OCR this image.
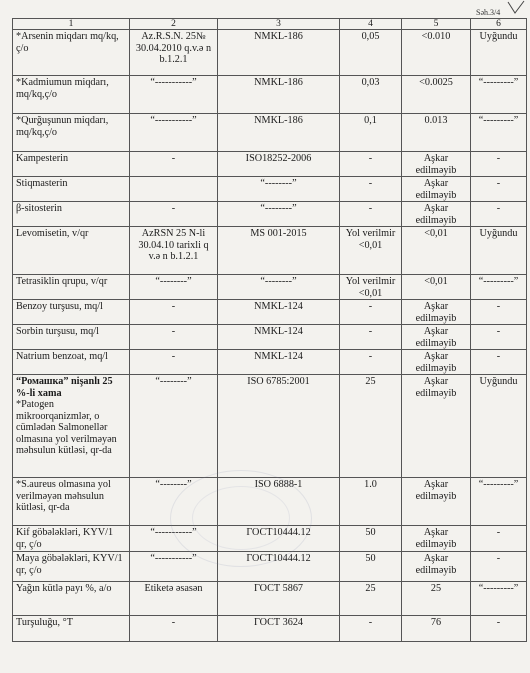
Səh.3/4
1	2	3	4	5	6
*Arsenin miqdarı mq/kq, ç/o	Az.R.S.N. 25№ 30.04.2010 q.v.ə n b.1.2.1	NMKL-186	0,05	<0.010	Uyğundu
*Kadmiumun miqdarı, mq/kq,ç/o	“-----------”	NMKL-186	0,03	<0.0025	“---------”
*Qurğuşunun miqdarı, mq/kq,ç/o	“-----------”	NMKL-186	0,1	0.013	“---------”
Kampesterin	-	ISO18252-2006	-	Aşkar edilməyib	-
Stiqmasterin		“--------”	-	Aşkar edilməyib	-
β-sitosterin	-	“--------”	-	Aşkar edilməyib	-
Levomisetin, v/qr	AzRSN 25 N-li 30.04.10 tarixli q v.ə n b.1.2.1	MS 001-2015	Yol verilmir <0,01	<0,01	Uyğundu
Tetrasiklin qrupu, v/qr	“--------”	“--------”	Yol verilmir <0,01	<0,01	“---------”
Benzoy turşusu, mq/l	-	NMKL-124	-	Aşkar edilməyib	-
Sorbin turşusu, mq/l	-	NMKL-124	-	Aşkar edilməyib	-
Natrium benzoat, mq/l	-	NMKL-124	-	Aşkar edilməyib	-

“Ромашка” nişanlı 25 %-li xama
*Patogen mikroorqanizmlər, o cümlədən Salmonellər olmasına yol verilməyən məhsulun kütləsi, qr-da	“--------”	ISO 6785:2001	25	Aşkar edilməyib	Uyğundu
*S.aureus olmasına yol verilməyən məhsulun kütləsi, qr-da	“--------”	ISO 6888-1	1.0	Aşkar edilməyib	“---------”
Kif göbələkləri, KYV/1 qr, ç/o	“-----------”	ГОСТ10444.12	50	Aşkar edilməyib	-
Maya göbələkləri, KYV/1 qr, ç/o	“-----------”	ГОСТ10444.12	50	Aşkar edilməyib	-
Yağın kütlə payı %, a/o	Etiketə əsasən	ГОСТ 5867	25	25	“---------”
Turşuluğu, °T	-	ГОСТ 3624	-	76	-
